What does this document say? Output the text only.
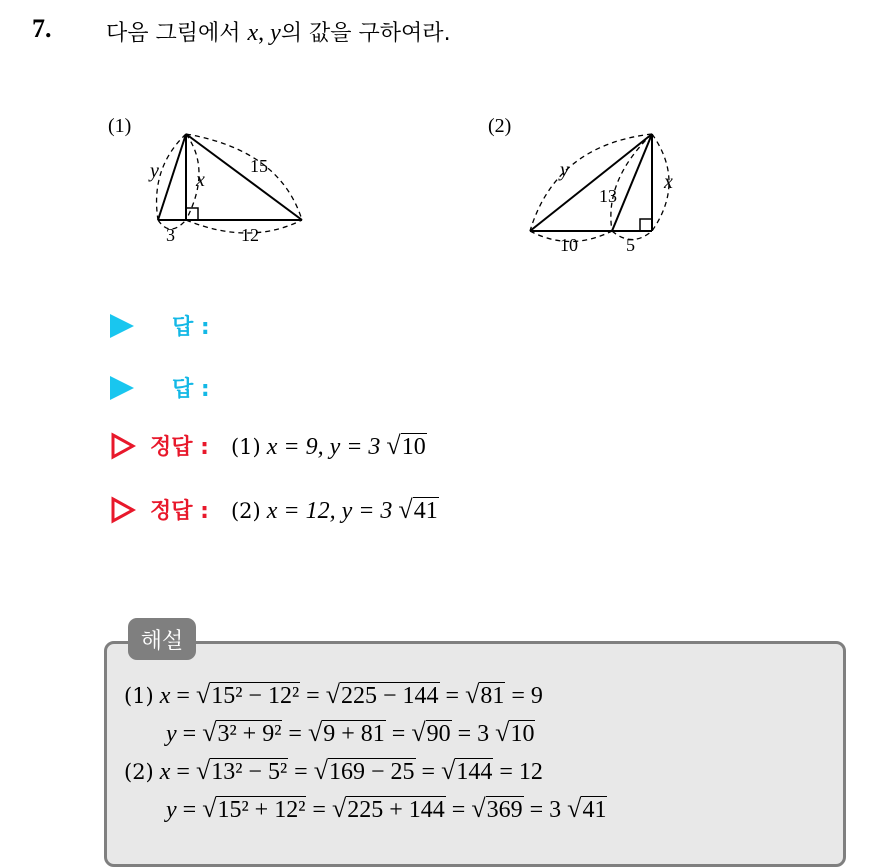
7. 다음 그림에서 x, y의 값을 구하여라.
(1)
y x
15
3	12
(2)
y
13
x
10	5
답 :
답 :
정답 : (1) x = 9, y = 3 √10
정답 : (2) x = 12, y = 3 √41
해설
(1) x = √15² − 12² = √225 − 144 = √81 = 9
y = √3² + 9² = √9 + 81 = √90 = 3 √10
(2) x = √13² − 5² = √169 − 25 = √144 = 12
y = √15² + 12² = √225 + 144 = √369 = 3 √41
